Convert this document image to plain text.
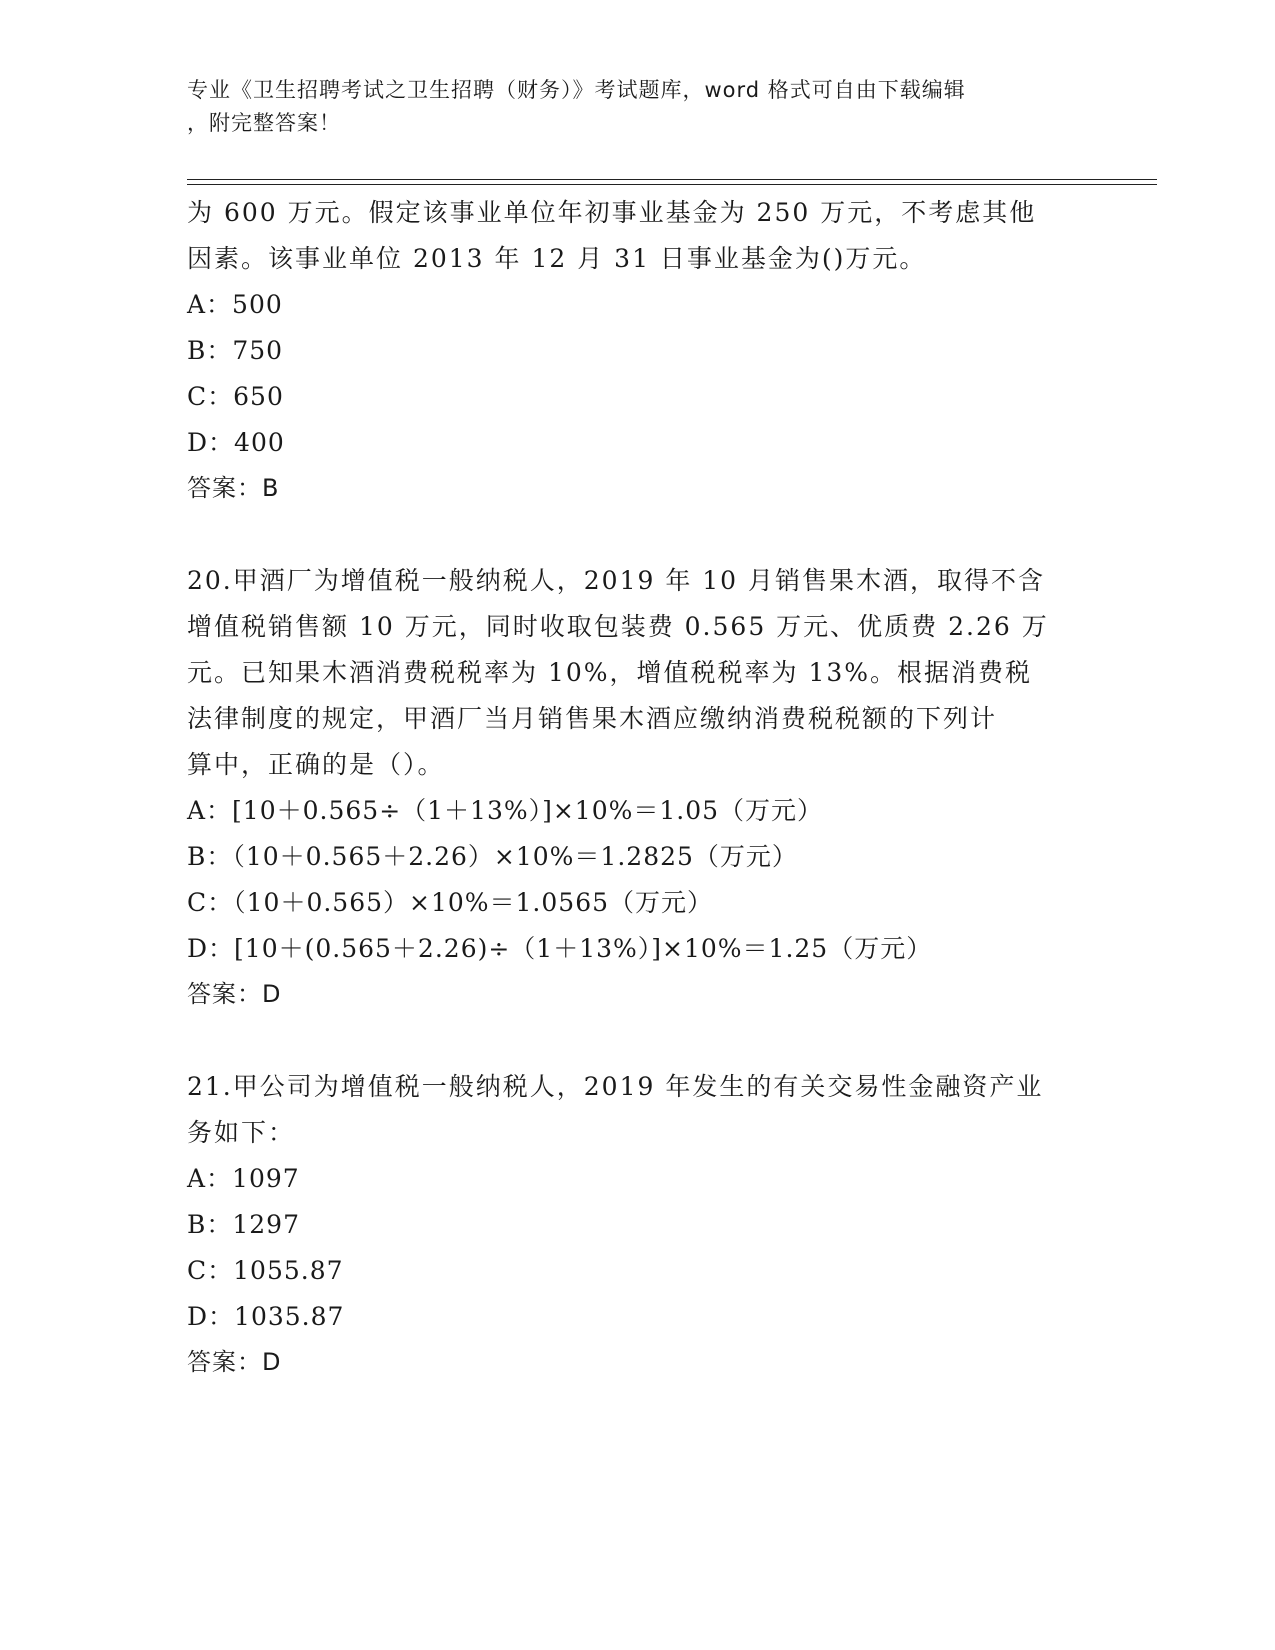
专业《卫生招聘考试之卫生招聘（财务）》考试题库，word 格式可自由下载编辑
，附完整答案！
为 600 万元。假定该事业单位年初事业基金为 250 万元，不考虑其他
因素。该事业单位 2013 年 12 月 31 日事业基金为()万元。
A：500
B：750
C：650
D：400
答案：B
20.甲酒厂为增值税一般纳税人，2019 年 10 月销售果木酒，取得不含
增值税销售额 10 万元，同时收取包装费 0.565 万元、优质费 2.26 万
元。已知果木酒消费税税率为 10%，增值税税率为 13%。根据消费税
法律制度的规定，甲酒厂当月销售果木酒应缴纳消费税税额的下列计
算中，正确的是（）。
A：[10＋0.565÷（1＋13%）]×10%＝1.05（万元）
B：（10＋0.565＋2.26）×10%＝1.2825（万元）
C：（10＋0.565）×10%＝1.0565（万元）
D：[10＋(0.565＋2.26)÷（1＋13%）]×10%＝1.25（万元）
答案：D
21.甲公司为增值税一般纳税人，2019 年发生的有关交易性金融资产业
务如下：
A：1097
B：1297
C：1055.87
D：1035.87
答案：D
